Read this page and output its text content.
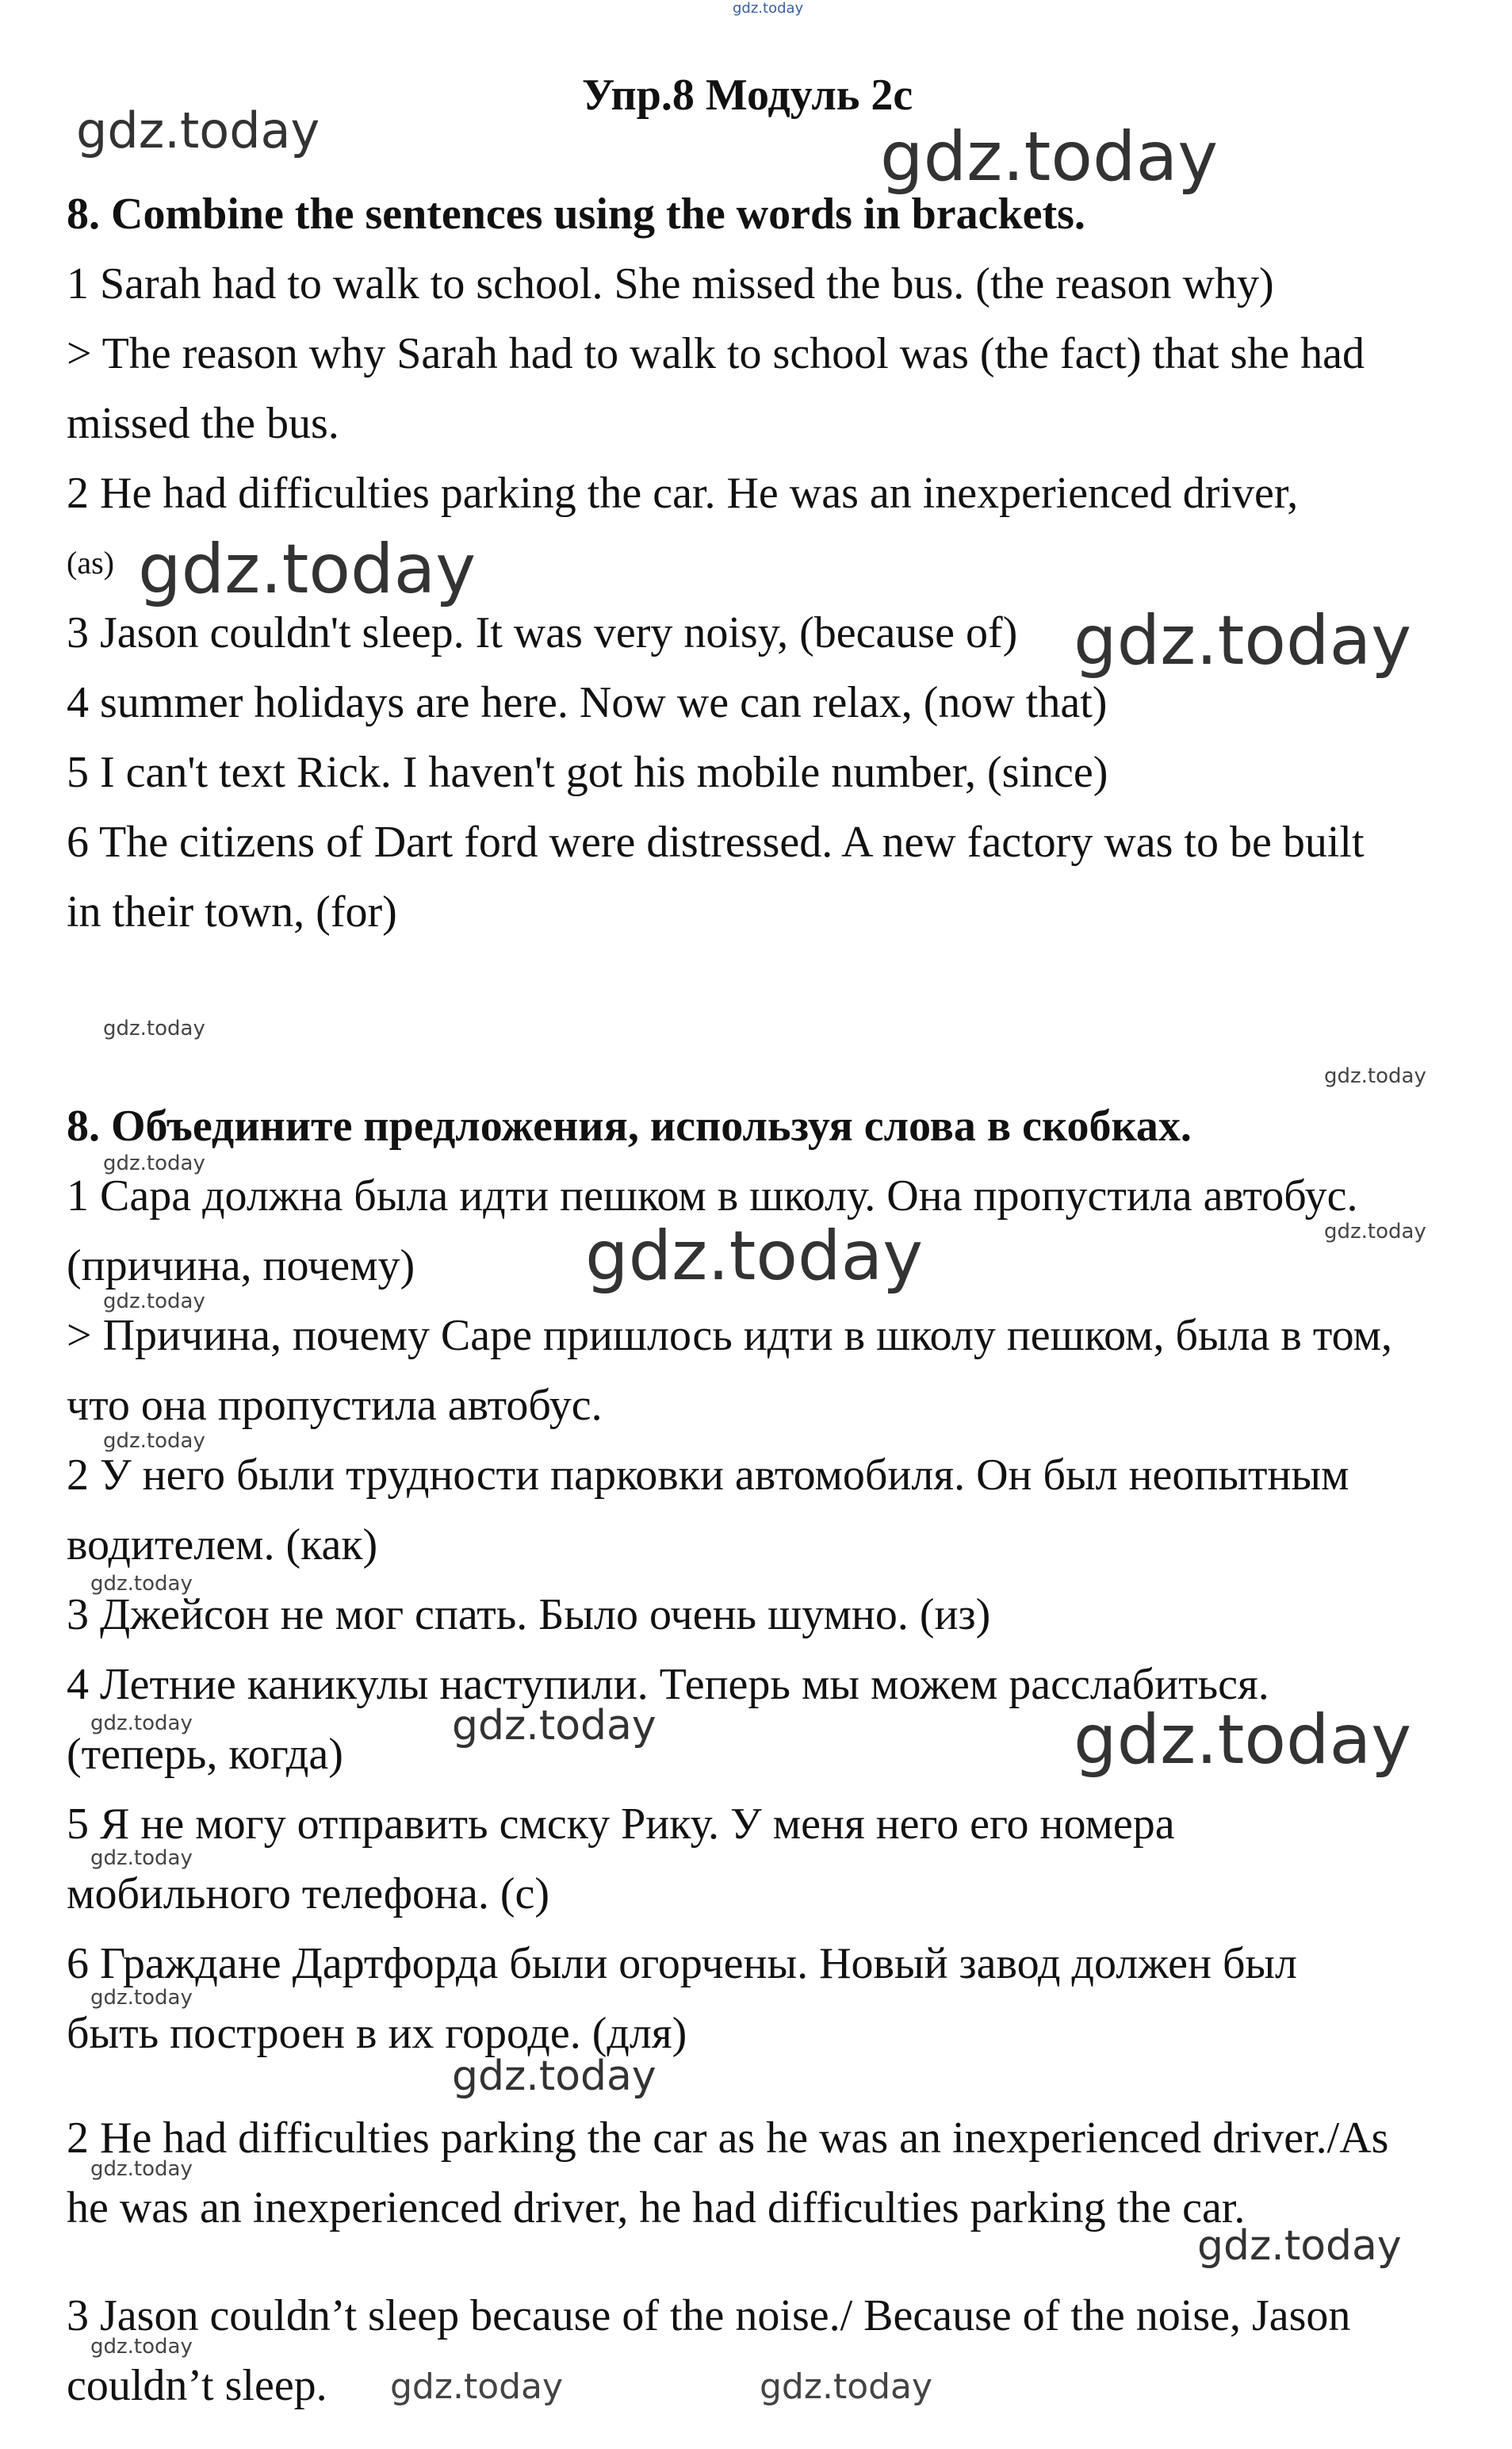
gdz.today
Упр.8 Модуль 2с
gdz.today	gdz.today
8. Combine the sentences using the words in brackets.
1 Sarah had to walk to school. She missed the bus. (the reason why)
> The reason why Sarah had to walk to school was (the fact) that she had
missed the bus.
2 He had difficulties parking the car. He was an inexperienced driver,
$^{(as)}$ gdz.today
3 Jason couldn't sleep. It was very noisy, (because of) gdz.today
4 summer holidays are here. Now we can relax, (now that)
5 I can't text Rick. I haven't got his mobile number, (since)
6 The citizens of Dart ford were distressed. A new factory was to be built
in their town, (for)
gdz.today
gdz.today
8. Объедините предложения, используя слова в скобках.
gdz.today
1 Сара должна была идти пешком в школу. Она пропустила автобус.
gdz.today
(причина, почему) gdz.today
gdz.today
> Причина, почему Саре пришлось идти в школу пешком, была в том,
что она пропустила автобус.
gdz.today
2 У него были трудности парковки автомобиля. Он был неопытным
водителем. (как)
gdz.today
3 Джейсон не мог спать. Было очень шумно. (из)
4 Летние каникулы наступили. Теперь мы можем расслабиться.
gdz.today	gdz.today	gdz.today
(теперь, когда)
5 Я не могу отправить смску Рику. У меня него его номера
gdz.today
мобильного телефона. (с)
6 Граждане Дартфорда были огорчены. Новый завод должен был
gdz.today
быть построен в их городе. (для)
gdz.today
2 He had difficulties parking the car as he was an inexperienced driver./As
gdz.today
he was an inexperienced driver, he had difficulties parking the car.
gdz.today
3 Jason couldn’t sleep because of the noise./ Because of the noise, Jason
gdz.today
couldn’t sleep. gdz.today	gdz.today
